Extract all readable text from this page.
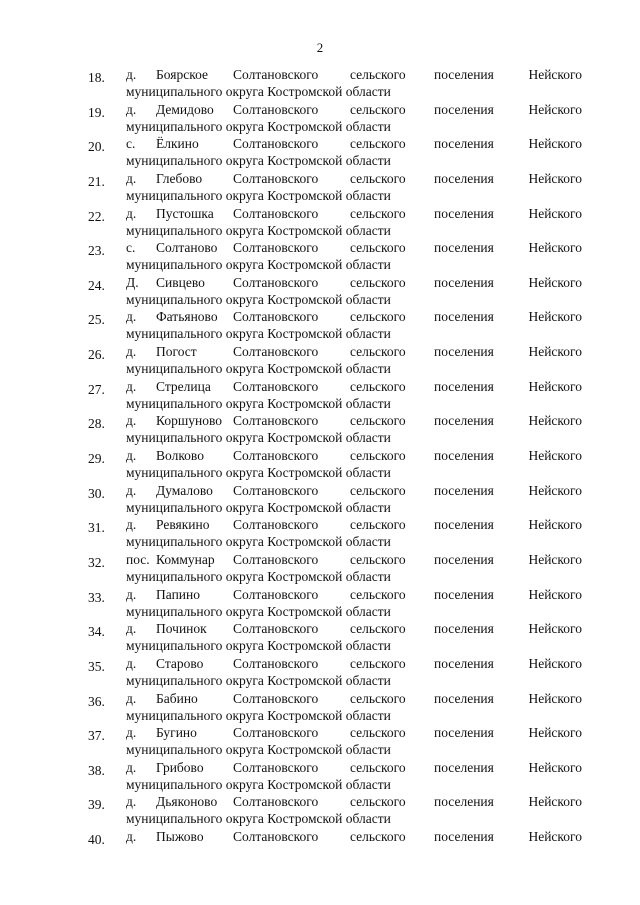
2
18.	д. Боярское Солтановского сельского поселения	Нейского
муниципального округа Костромской области
19.	д. Демидово Солтановского сельского поселения	Нейского
муниципального округа Костромской области
20.	с. Ёлкино	Солтановского сельского поселения	Нейского
муниципального округа Костромской области
21.	д. Глебово Солтановского сельского поселения	Нейского
муниципального округа Костромской области
22.	д. Пустошка Солтановского сельского поселения	Нейского
муниципального округа Костромской области
23.	с. Солтаново Солтановского сельского поселения	Нейского
муниципального округа Костромской области
24.	Д. Сивцево Солтановского сельского поселения	Нейского
муниципального округа Костромской области
25.	д. Фатьяново Солтановского сельского поселения	Нейского
муниципального округа Костромской области
26.	д. Погост	Солтановского сельского поселения	Нейского
муниципального округа Костромской области
27.	д. Стрелица Солтановского сельского поселения	Нейского
муниципального округа Костромской области
28.	д. Коршуново Солтановского сельского поселения	Нейского
муниципального округа Костромской области
29.	д. Волково Солтановского сельского поселения	Нейского
муниципального округа Костромской области
30.	д. Думалово Солтановского сельского поселения	Нейского
муниципального округа Костромской области
31.	д. Ревякино Солтановского сельского поселения	Нейского
муниципального округа Костромской области
32.	пос. Коммунар Солтановского сельского поселения	Нейского
муниципального округа Костромской области
33.	д. Папино Солтановского сельского поселения	Нейского
муниципального округа Костромской области
34.	д. Починок Солтановского сельского поселения	Нейского
муниципального округа Костромской области
35.	д. Старово Солтановского сельского поселения	Нейского
муниципального округа Костромской области
36.	д. Бабино	Солтановского сельского поселения	Нейского
муниципального округа Костромской области
37.	д. Бугино	Солтановского сельского поселения	Нейского
муниципального округа Костромской области
38.	д. Грибово Солтановского сельского поселения	Нейского
муниципального округа Костромской области
39.	д. Дьяконово Солтановского сельского поселения	Нейского
муниципального округа Костромской области
40.	д. Пыжово Солтановского сельского поселения	Нейского
